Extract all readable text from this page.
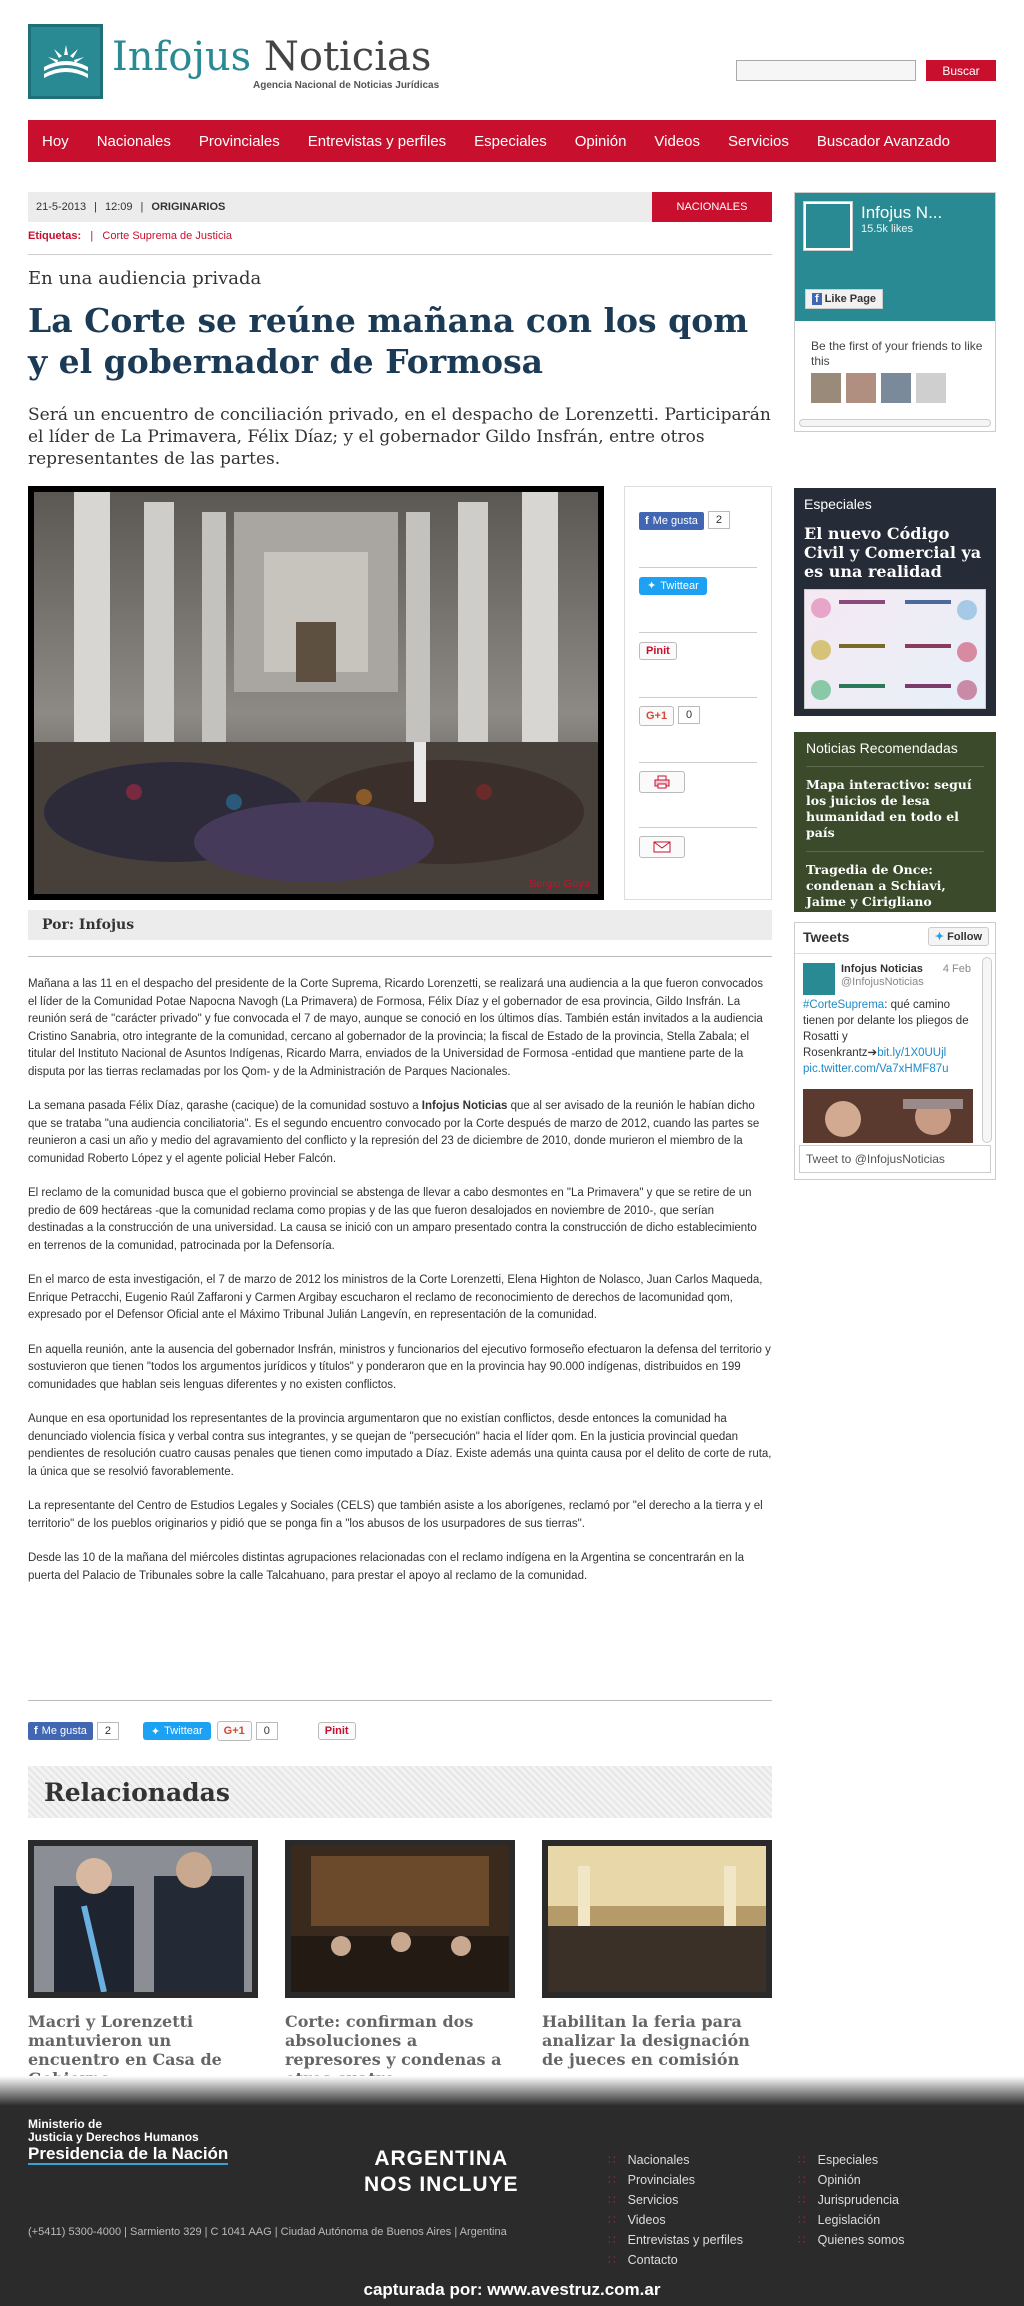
Infojus Noticias
Agencia Nacional de Noticias Jurídicas
Buscar
Hoy	Nacionales	Provinciales	Entrevistas y perfiles	Especiales	Opinión	Videos	Servicios	Buscador Avanzado
21-5-2013 | 12:09 | ORIGINARIOS	NACIONALES
Etiquetas:   |   Corte Suprema de Justicia
En una audiencia privada
La Corte se reúne mañana con los qom y el gobernador de Formosa
Será un encuentro de conciliación privado, en el despacho de Lorenzetti. Participarán el líder de La Primavera, Félix Díaz; y el gobernador Gildo Insfrán, entre otros representantes de las partes.
Sergio Goya
f Me gusta 2
✦ Twittear
Pinit
G+1 0
Por: Infojus

Mañana a las 11 en el despacho del presidente de la Corte Suprema, Ricardo Lorenzetti, se realizará una audiencia a la que fueron convocados el líder de la Comunidad Potae Napocna Navogh (La Primavera) de Formosa, Félix Díaz y el gobernador de esa provincia, Gildo Insfrán. La reunión será de "carácter privado" y fue convocada el 7 de mayo, aunque se conoció en los últimos días. También están invitados a la audiencia Cristino Sanabria, otro integrante de la comunidad, cercano al gobernador de la provincia; la fiscal de Estado de la provincia, Stella Zabala; el titular del Instituto Nacional de Asuntos Indígenas, Ricardo Marra, enviados de la Universidad de Formosa -entidad que mantiene parte de la disputa por las tierras reclamadas por los Qom- y de la Administración de Parques Nacionales.

La semana pasada Félix Díaz, qarashe (cacique) de la comunidad sostuvo a Infojus Noticias que al ser avisado de la reunión le habían dicho que se trataba "una audiencia conciliatoria". Es el segundo encuentro convocado por la Corte después de marzo de 2012, cuando las partes se reunieron a casi un año y medio del agravamiento del conflicto y la represión del 23 de diciembre de 2010, donde murieron el miembro de la comunidad Roberto López y el agente policial Heber Falcón.

El reclamo de la comunidad busca que el gobierno provincial se abstenga de llevar a cabo desmontes en "La Primavera" y que se retire de un predio de 609 hectáreas -que la comunidad reclama como propias y de las que fueron desalojados en noviembre de 2010-, que serían destinadas a la construcción de una universidad. La causa se inició con un amparo presentado contra la construcción de dicho establecimiento en terrenos de la comunidad, patrocinada por la Defensoría.

En el marco de esta investigación, el 7 de marzo de 2012 los ministros de la Corte Lorenzetti, Elena Highton de Nolasco, Juan Carlos Maqueda, Enrique Petracchi, Eugenio Raúl Zaffaroni y Carmen Argibay escucharon el reclamo de reconocimiento de derechos de lacomunidad qom, expresado por el Defensor Oficial ante el Máximo Tribunal Julián Langevín, en representación de la comunidad.

En aquella reunión, ante la ausencia del gobernador Insfrán, ministros y funcionarios del ejecutivo formoseño efectuaron la defensa del territorio y sostuvieron que tienen "todos los argumentos jurídicos y títulos" y ponderaron que en la provincia hay 90.000 indígenas, distribuidos en 199 comunidades que hablan seis lenguas diferentes y no existen conflictos.

Aunque en esa oportunidad los representantes de la provincia argumentaron que no existían conflictos, desde entonces la comunidad ha denunciado violencia física y verbal contra sus integrantes, y se quejan de "persecución" hacia el líder qom. En la justicia provincial quedan pendientes de resolución cuatro causas penales que tienen como imputado a Díaz. Existe además una quinta causa por el delito de corte de ruta, la única que se resolvió favorablemente.

La representante del Centro de Estudios Legales y Sociales (CELS) que también asiste a los aborígenes, reclamó por "el derecho a la tierra y el territorio" de los pueblos originarios y pidió que se ponga fin a "los abusos de los usurpadores de sus tierras".

Desde las 10 de la mañana del miércoles distintas agrupaciones relacionadas con el reclamo indígena en la Argentina se concentrarán en la puerta del Palacio de Tribunales sobre la calle Talcahuano, para prestar el apoyo al reclamo de la comunidad.

f Me gusta	2	✦ Twittear	G+1	0	Pinit
Relacionadas
Macri y Lorenzetti mantuvieron un encuentro en Casa de
Corte: confirman dos absoluciones a represores y condenas a
Habilitan la feria para analizar la designación de jueces en comisión
Infojus N...
15.5k likes
f Like Page
Be the first of your friends to like this
Especiales
El nuevo Código Civil y Comercial ya es una realidad
Noticias Recomendadas
Mapa interactivo: seguí los juicios de lesa humanidad en todo el país
Tragedia de Once: condenan a Schiavi, Jaime y Cirigliano
Tweets	✦ Follow
Infojus Noticias
@InfojusNoticias
4 Feb
#CorteSuprema: qué camino tienen por delante los pliegos de Rosatti y Rosenkrantz➔bit.ly/1X0UUjl
pic.twitter.com/Va7xHMF87u
Tweet to @InfojusNoticias
Ministerio de
Justicia y Derechos Humanos
Presidencia de la Nación	ARGENTINA
NOS INCLUYE
(+5411) 5300-4000 | Sarmiento 329 | C 1041 AAG | Ciudad Autónoma de Buenos Aires | Argentina
∷ Nacionales
∷ Provinciales
∷ Servicios
∷ Videos
∷ Entrevistas y perfiles
∷ Contacto
∷ Especiales
∷ Opinión
∷ Jurisprudencia
∷ Legislación
∷ Quienes somos
capturada por: www.avestruz.com.ar
